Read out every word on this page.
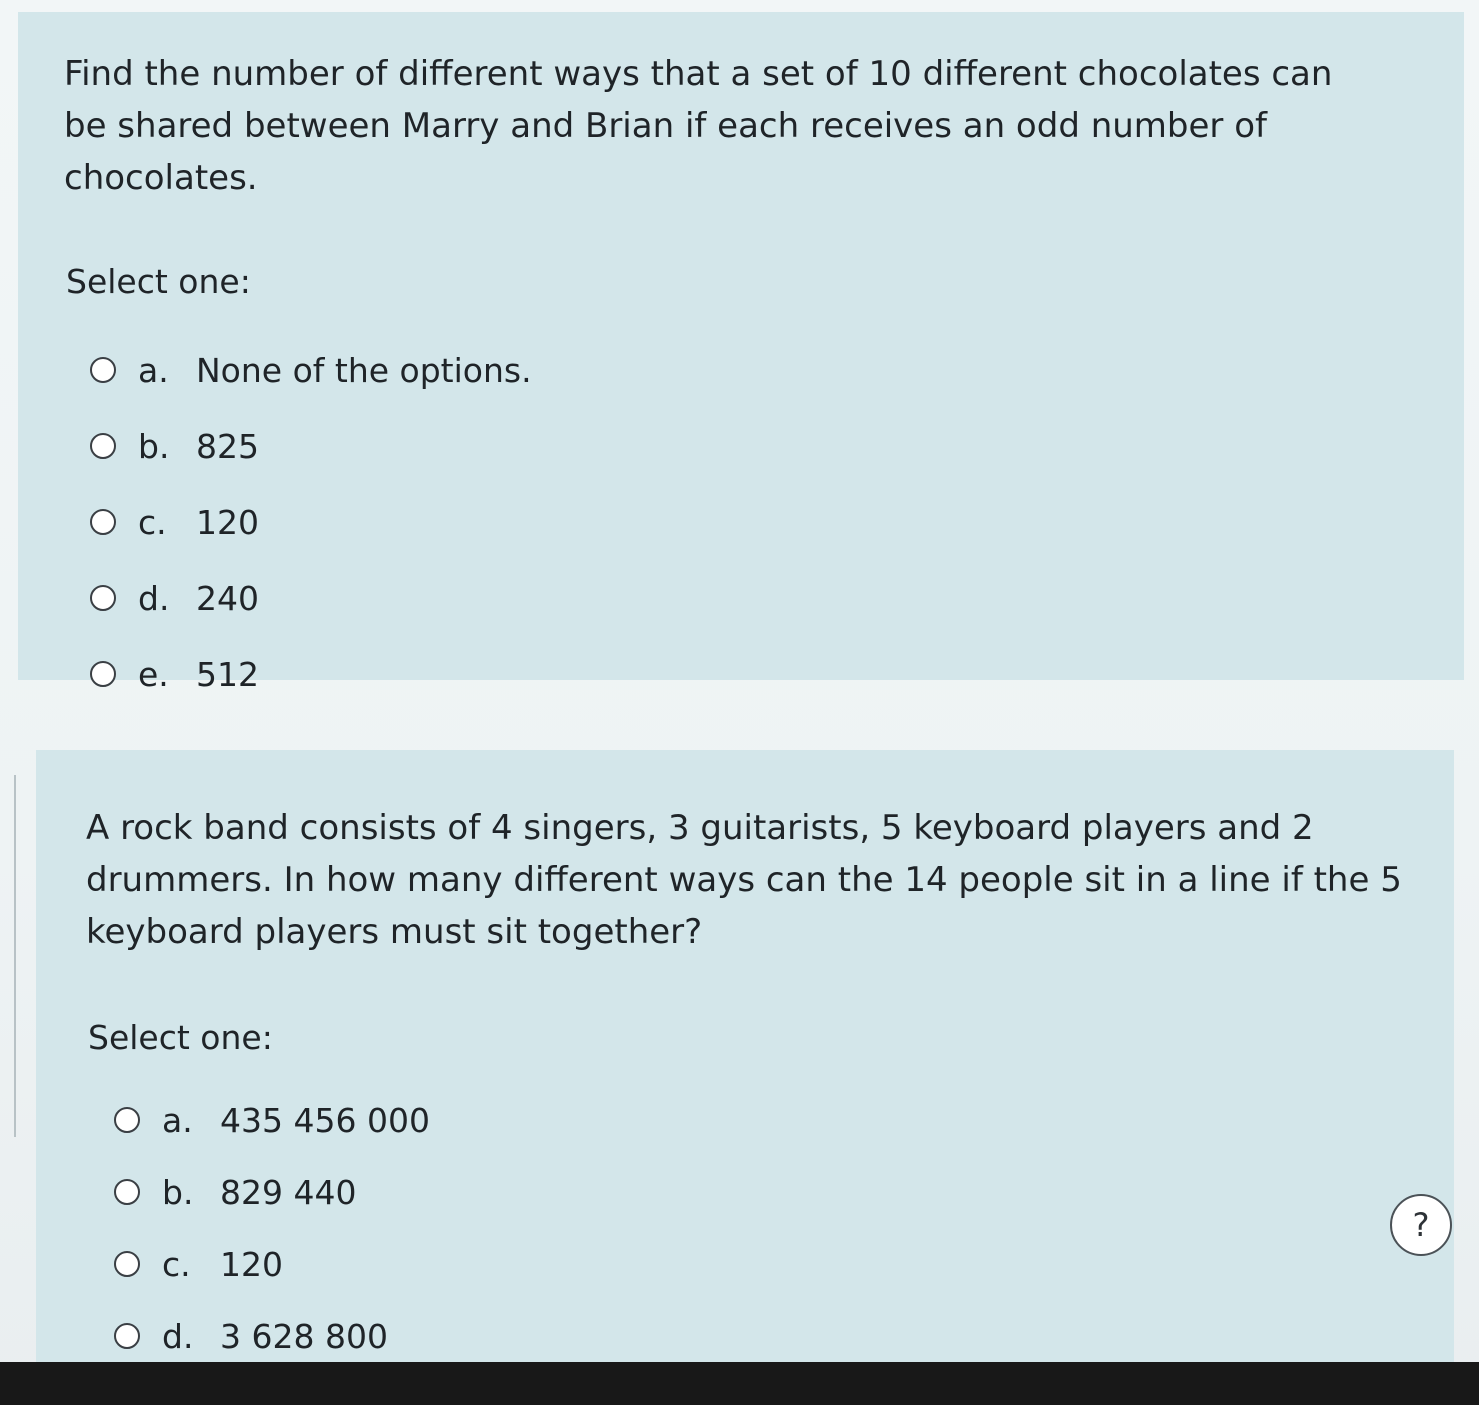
Find the number of different ways that a set of 10 different chocolates can be shared between Marry and Brian if each receives an odd number of chocolates.

Select one:
a. None of the options.
b. 825
c. 120
d. 240
e. 512

A rock band consists of 4 singers, 3 guitarists, 5 keyboard players and 2 drummers. In how many different ways can the 14 people sit in a line if the 5 keyboard players must sit together?

Select one:
a. 435 456 000
b. 829 440
c. 120
d. 3 628 800
?
